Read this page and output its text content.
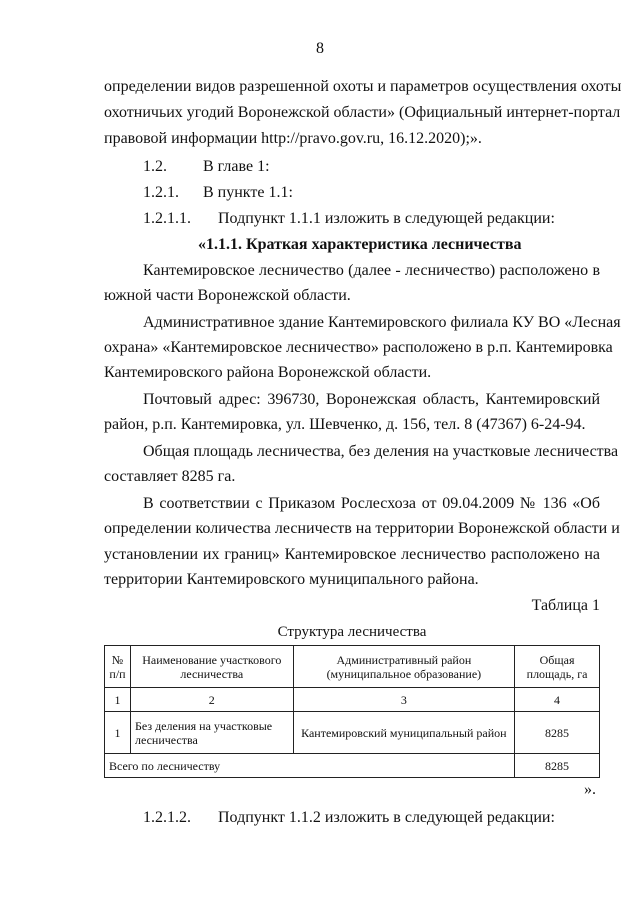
8
определении видов разрешенной охоты и параметров осуществления охоты
охотничьих угодий Воронежской области» (Официальный интернет-портал
правовой информации http://pravo.gov.ru, 16.12.2020);».
1.2. В главе 1:
1.2.1. В пункте 1.1:
1.2.1.1. Подпункт 1.1.1 изложить в следующей редакции:
«1.1.1. Краткая характеристика лесничества
Кантемировское лесничество (далее - лесничество) расположено в
южной части Воронежской области.
Административное здание Кантемировского филиала КУ ВО «Лесная
охрана» «Кантемировское лесничество» расположено в р.п. Кантемировка
Кантемировского района Воронежской области.
Почтовый адрес: 396730, Воронежская область, Кантемировский
район, р.п. Кантемировка, ул. Шевченко, д. 156, тел. 8 (47367) 6-24-94.
Общая площадь лесничества, без деления на участковые лесничества
составляет 8285 га.
В соответствии с Приказом Рослесхоза от 09.04.2009 № 136 «Об
определении количества лесничеств на территории Воронежской области и
установлении их границ» Кантемировское лесничество расположено на
территории Кантемировского муниципального района.
Таблица 1
Структура лесничества
№ п/п	Наименование участкового лесничества	Административный район (муниципальное образование)	Общая площадь, га
1	2	3	4
1	Без деления на участковые лесничества	Кантемировский муниципальный район	8285
Всего по лесничеству			8285
».
1.2.1.2. Подпункт 1.1.2 изложить в следующей редакции:
